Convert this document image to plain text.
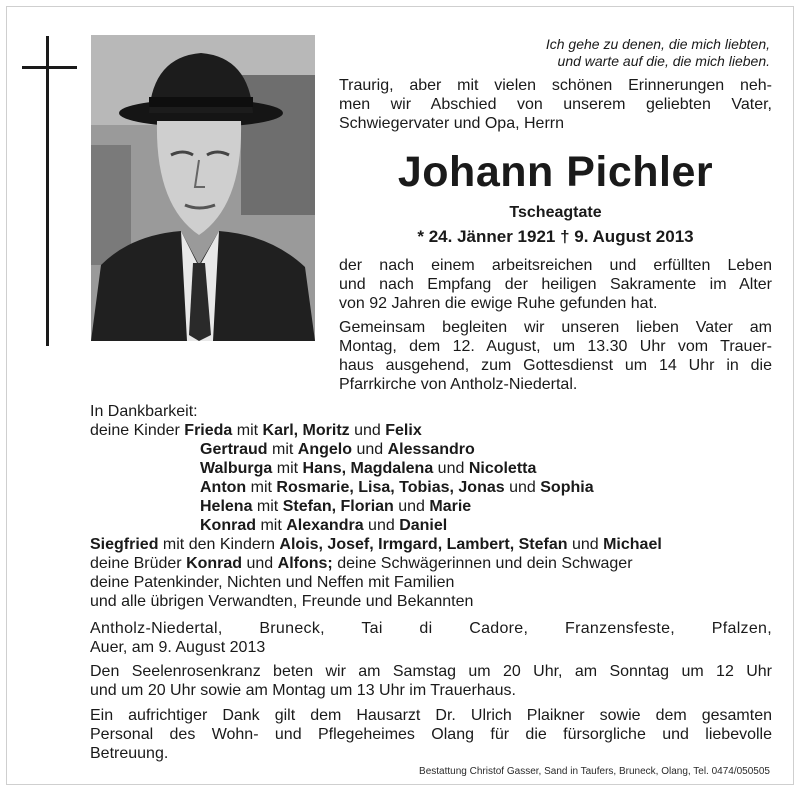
Ich gehe zu denen, die mich liebten,
und warte auf die, die mich lieben.
Traurig, aber mit vielen schönen Erinnerungen neh-
men wir Abschied von unserem geliebten Vater,
Schwiegervater und Opa, Herrn
Johann Pichler
Tscheagtate
* 24. Jänner 1921 † 9. August 2013
der nach einem arbeitsreichen und erfüllten Leben
und nach Empfang der heiligen Sakramente im Alter
von 92 Jahren die ewige Ruhe gefunden hat.
Gemeinsam begleiten wir unseren lieben Vater am
Montag, dem 12. August, um 13.30 Uhr vom Trauer-
haus ausgehend, zum Gottesdienst um 14 Uhr in die
Pfarrkirche von Antholz-Niedertal.
In Dankbarkeit:
deine Kinder Frieda mit Karl, Moritz und Felix
Gertraud mit Angelo und Alessandro
Walburga mit Hans, Magdalena und Nicoletta
Anton mit Rosmarie, Lisa, Tobias, Jonas und Sophia
Helena mit Stefan, Florian und Marie
Konrad mit Alexandra und Daniel
Siegfried mit den Kindern Alois, Josef, Irmgard, Lambert, Stefan und Michael
deine Brüder Konrad und Alfons; deine Schwägerinnen und dein Schwager
deine Patenkinder, Nichten und Neffen mit Familien
und alle übrigen Verwandten, Freunde und Bekannten
Antholz-Niedertal, Bruneck, Tai di Cadore, Franzensfeste, Pfalzen,
Auer, am 9. August 2013
Den Seelenrosenkranz beten wir am Samstag um 20 Uhr, am Sonntag um 12 Uhr
und um 20 Uhr sowie am Montag um 13 Uhr im Trauerhaus.
Ein aufrichtiger Dank gilt dem Hausarzt Dr. Ulrich Plaikner sowie dem gesamten
Personal des Wohn- und Pflegeheimes Olang für die fürsorgliche und liebevolle
Betreuung.
Bestattung Christof Gasser, Sand in Taufers, Bruneck, Olang, Tel. 0474/050505
